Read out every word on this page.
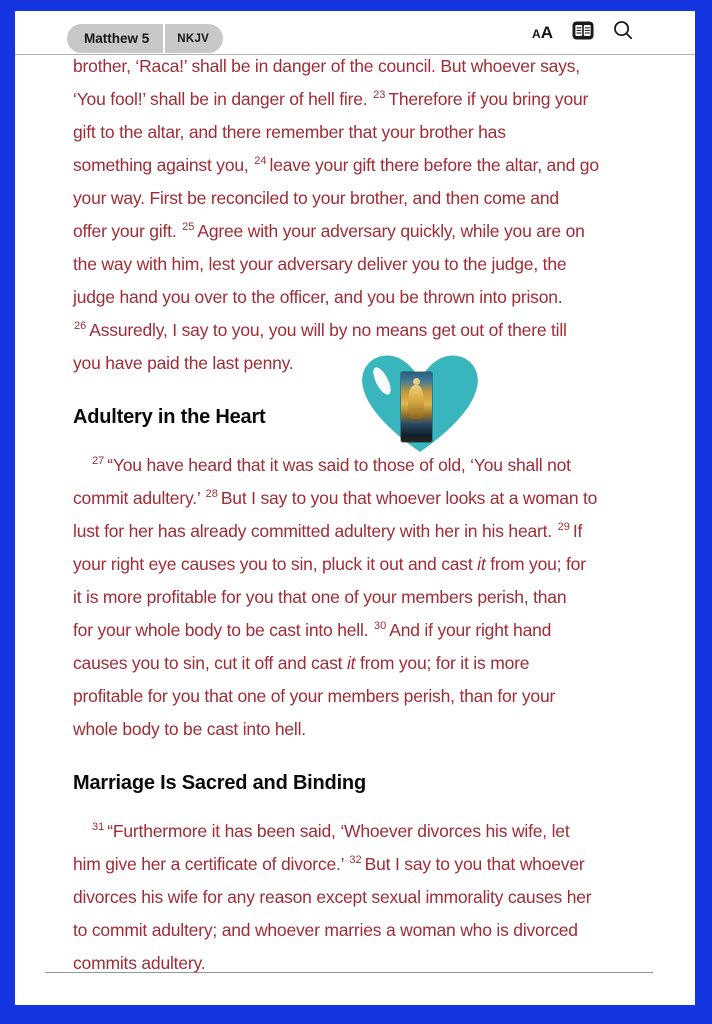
Matthew 5 NKJV	A A
brother, ‘Raca!’ shall be in danger of the council. But whoever says,
‘You fool!’ shall be in danger of hell fire. $^{23}$ Therefore if you bring your
gift to the altar, and there remember that your brother has
something against you, $^{24}$ leave your gift there before the altar, and go
your way. First be reconciled to your brother, and then come and
offer your gift. $^{25}$ Agree with your adversary quickly, while you are on
the way with him, lest your adversary deliver you to the judge, the
judge hand you over to the officer, and you be thrown into prison.
$^{26}$ Assuredly, I say to you, you will by no means get out of there till
you have paid the last penny.
Adultery in the Heart
$^{27}$ “You have heard that it was said to those of old, ‘You shall not
commit adultery.’ $^{28}$ But I say to you that whoever looks at a woman to
lust for her has already committed adultery with her in his heart. $^{29}$ If
your right eye causes you to sin, pluck it out and cast it from you; for
it is more profitable for you that one of your members perish, than
for your whole body to be cast into hell. $^{30}$ And if your right hand
causes you to sin, cut it off and cast it from you; for it is more
profitable for you that one of your members perish, than for your
whole body to be cast into hell.
Marriage Is Sacred and Binding
$^{31}$ “Furthermore it has been said, ‘Whoever divorces his wife, let
him give her a certificate of divorce.’ $^{32}$ But I say to you that whoever
divorces his wife for any reason except sexual immorality causes her
to commit adultery; and whoever marries a woman who is divorced
commits adultery.
